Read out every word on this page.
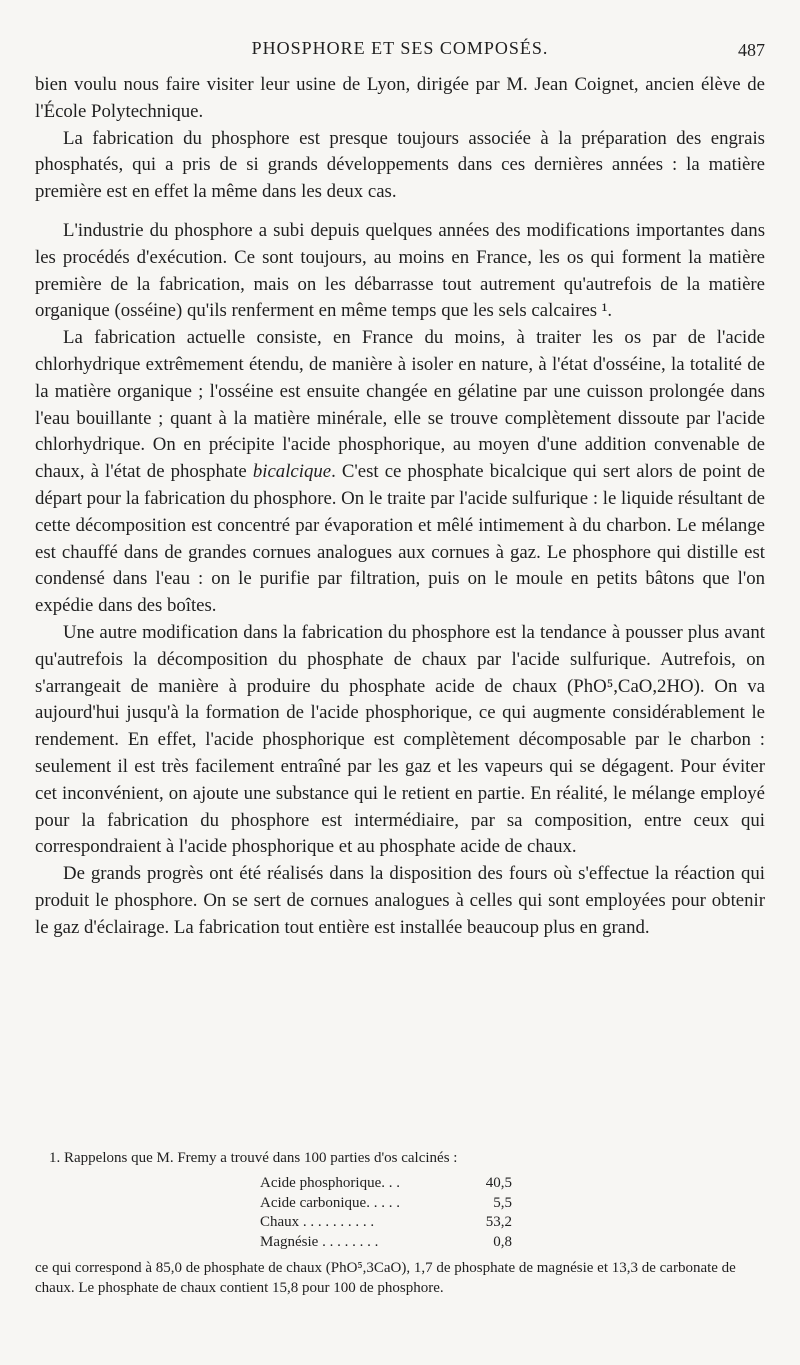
PHOSPHORE ET SES COMPOSÉS.	487

bien voulu nous faire visiter leur usine de Lyon, dirigée par M. Jean Coignet, ancien élève de l'École Polytechnique.

La fabrication du phosphore est presque toujours associée à la préparation des engrais phosphatés, qui a pris de si grands développements dans ces dernières années : la matière première est en effet la même dans les deux cas.

L'industrie du phosphore a subi depuis quelques années des modifications importantes dans les procédés d'exécution. Ce sont toujours, au moins en France, les os qui forment la matière première de la fabrication, mais on les débarrasse tout autrement qu'autrefois de la matière organique (osséine) qu'ils renferment en même temps que les sels calcaires ¹.

La fabrication actuelle consiste, en France du moins, à traiter les os par de l'acide chlorhydrique extrêmement étendu, de manière à isoler en nature, à l'état d'osséine, la totalité de la matière organique ; l'osséine est ensuite changée en gélatine par une cuisson prolongée dans l'eau bouillante ; quant à la matière minérale, elle se trouve complètement dissoute par l'acide chlorhydrique. On en précipite l'acide phosphorique, au moyen d'une addition convenable de chaux, à l'état de phosphate bicalcique. C'est ce phosphate bicalcique qui sert alors de point de départ pour la fabrication du phosphore. On le traite par l'acide sulfurique : le liquide résultant de cette décomposition est concentré par évaporation et mêlé intimement à du charbon. Le mélange est chauffé dans de grandes cornues analogues aux cornues à gaz. Le phosphore qui distille est condensé dans l'eau : on le purifie par filtration, puis on le moule en petits bâtons que l'on expédie dans des boîtes.

Une autre modification dans la fabrication du phosphore est la tendance à pousser plus avant qu'autrefois la décomposition du phosphate de chaux par l'acide sulfurique. Autrefois, on s'arrangeait de manière à produire du phosphate acide de chaux (PhO⁵,CaO,2HO). On va aujourd'hui jusqu'à la formation de l'acide phosphorique, ce qui augmente considérablement le rendement. En effet, l'acide phosphorique est complètement décomposable par le charbon : seulement il est très facilement entraîné par les gaz et les vapeurs qui se dégagent. Pour éviter cet inconvénient, on ajoute une substance qui le retient en partie. En réalité, le mélange employé pour la fabrication du phosphore est intermédiaire, par sa composition, entre ceux qui correspondraient à l'acide phosphorique et au phosphate acide de chaux.

De grands progrès ont été réalisés dans la disposition des fours où s'effectue la réaction qui produit le phosphore. On se sert de cornues analogues à celles qui sont employées pour obtenir le gaz d'éclairage. La fabrication tout entière est installée beaucoup plus en grand.

1. Rappelons que M. Fremy a trouvé dans 100 parties d'os calcinés :

Acide phosphorique. . .	40,5
Acide carbonique. . . . .	5,5
Chaux . . . . . . . . . .	53,2
Magnésie . . . . . . . .	0,8

ce qui correspond à 85,0 de phosphate de chaux (PhO⁵,3CaO), 1,7 de phosphate de magnésie et 13,3 de carbonate de chaux. Le phosphate de chaux contient 15,8 pour 100 de phosphore.
